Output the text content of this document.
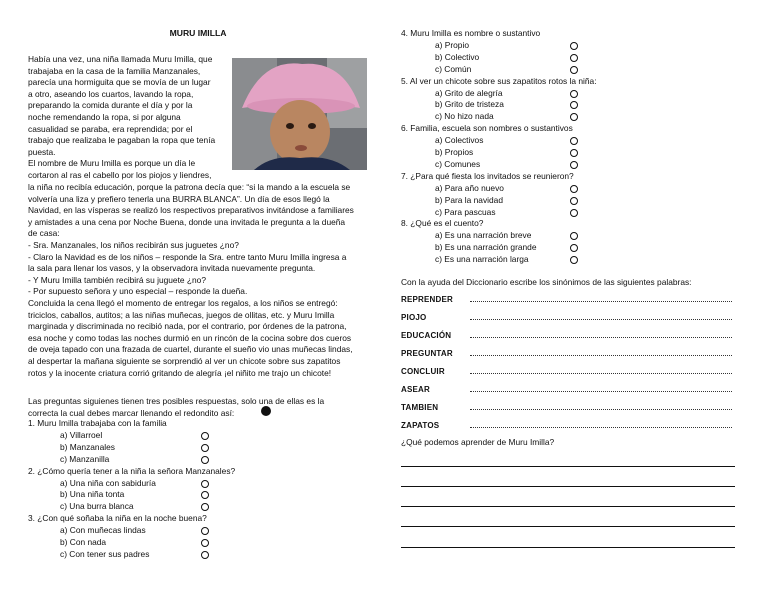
MURU IMILLA
Había una vez, una niña llamada Muru Imilla, que
trabajaba en la casa de la familia Manzanales,
parecía una hormiguita que se movía de un lugar
a otro, aseando los cuartos, lavando la ropa,
preparando la comida durante el día y por la
noche remendando la ropa, si por alguna
casualidad se paraba, era reprendida; por el
trabajo que realizaba le pagaban la ropa que tenía
puesta.
El nombre de Muru Imilla es porque un día le
cortaron al ras el cabello por los piojos y liendres,
la niña no recibía educación, porque la patrona decía que: “si la mando a la escuela se
volvería una liza y prefiero tenerla una BURRA BLANCA”. Un día de esos llegó la
Navidad, en las vísperas se realizó los respectivos preparativos invitándose a familiares
y amistades a una cena por Noche Buena, donde una invitada le pregunta a la dueña
de casa:
- Sra. Manzanales, los niños recibirán sus juguetes ¿no?
- Claro la Navidad es de los niños – responde la Sra. entre tanto Muru Imilla ingresa a
la sala para llenar los vasos, y la observadora invitada nuevamente pregunta.
- Y Muru Imilla también recibirá su juguete ¿no?
- Por supuesto señora y uno especial – responde la dueña.
Concluida la cena llegó el momento de entregar los regalos, a los niños se entregó:
triciclos, caballos, autitos; a las niñas muñecas, juegos de ollitas, etc. y Muru Imilla
marginada y discriminada no recibió nada, por el contrario, por órdenes de la patrona,
esa noche y como todas las noches durmió en un rincón de la cocina sobre dos cueros
de oveja tapado con una frazada de cuartel, durante el sueño vio unas muñecas lindas,
al despertar la mañana siguiente se sorprendió al ver un chicote sobre sus zapatitos
rotos y la inocente criatura corrió gritando de alegría ¡el niñito me trajo un chicote!
Las preguntas siguienes tienen tres posibles respuestas, solo una de ellas es la
correcta la cual debes marcar llenando el redondito así:
1. Muru Imilla trabajaba con la familia
a) Villarroel
b) Manzanales
c) Manzanilla
2. ¿Cómo quería tener a la niña la señora Manzanales?
a) Una niña con sabiduría
b) Una niña tonta
c) Una burra blanca
3. ¿Con qué soñaba la niña en la noche buena?
a) Con muñecas lindas
b) Con nada
c) Con tener sus padres
4. Muru Imilla es nombre o sustantivo
a) Propio
b) Colectivo
c) Común
5. Al ver un chicote sobre sus zapatitos rotos la niña:
a) Grito de alegría
b) Grito de tristeza
c) No hizo nada
6. Familia, escuela son nombres o sustantivos
a) Colectivos
b) Propios
c) Comunes
7. ¿Para qué fiesta los invitados se reunieron?
a) Para año nuevo
b) Para la navidad
c) Para pascuas
8. ¿Qué es el cuento?
a) Es una narración breve
b) Es una narración grande
c) Es una narración larga
Con la ayuda del Diccionario escribe los sinónimos de las siguientes palabras:
REPRENDER
PIOJO
EDUCACIÓN
PREGUNTAR
CONCLUIR
ASEAR
TAMBIEN
ZAPATOS
¿Qué podemos aprender de Muru Imilla?
